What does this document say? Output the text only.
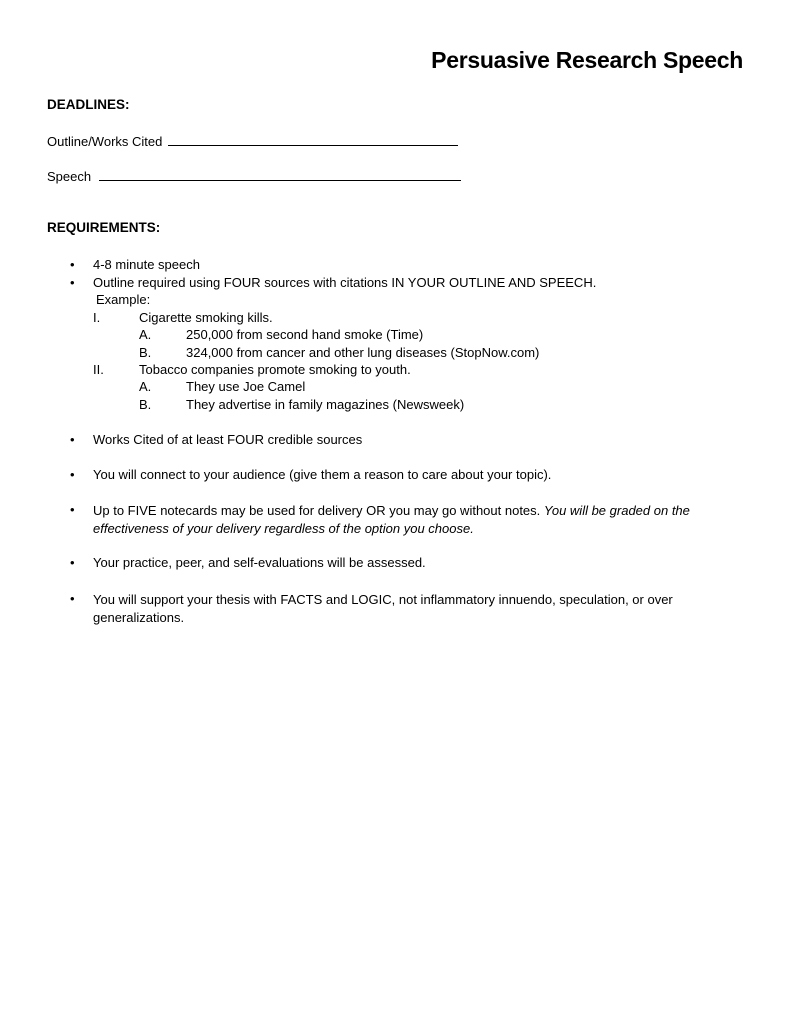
Persuasive Research Speech
DEADLINES:
Outline/Works Cited
Speech
REQUIREMENTS:
• 4-8 minute speech
• Outline required using FOUR sources with citations IN YOUR OUTLINE AND SPEECH.
Example:
I.	Cigarette smoking kills.
A.	250,000 from second hand smoke (Time)
B.	324,000 from cancer and other lung diseases (StopNow.com)
II.	Tobacco companies promote smoking to youth.
A.	They use Joe Camel
B.	They advertise in family magazines (Newsweek)
• Works Cited of at least FOUR credible sources
• You will connect to your audience (give them a reason to care about your topic).
• Up to FIVE notecards may be used for delivery OR you may go without notes. You will be graded on the effectiveness of your delivery regardless of the option you choose.
• Your practice, peer, and self-evaluations will be assessed.
• You will support your thesis with FACTS and LOGIC, not inflammatory innuendo, speculation, or over generalizations.
